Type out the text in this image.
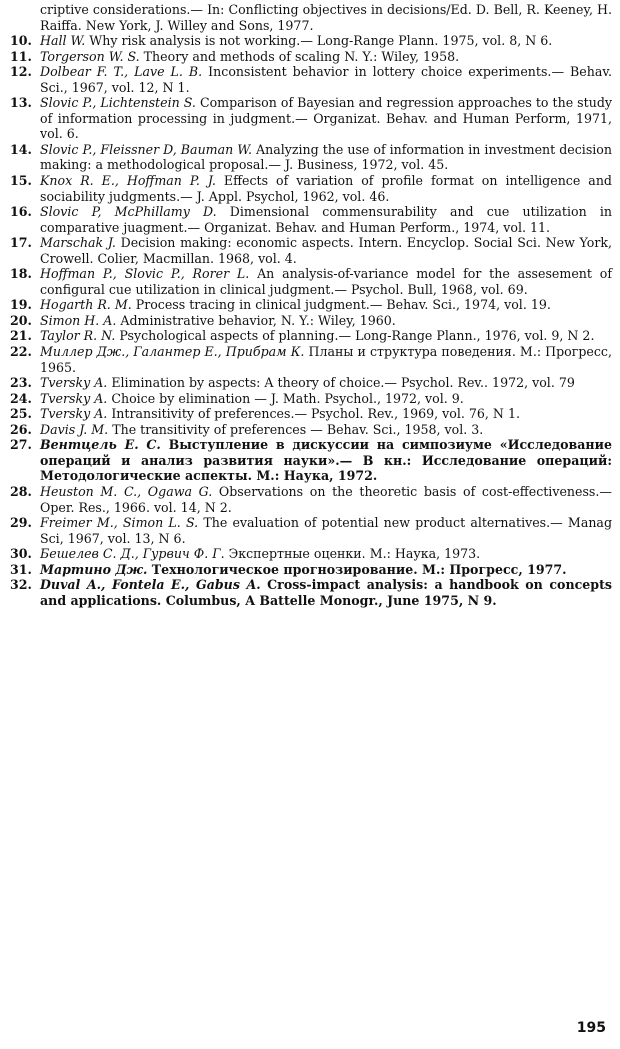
criptive considerations.— In: Conflicting objectives in decisions/Ed. D. Bell, R. Keeney, H. Raiffa. New York, J. Willey and Sons, 1977.
10. Hall W. Why risk analysis is not working.— Long-Range Plann. 1975, vol. 8, N 6.
11. Torgerson W. S. Theory and methods of scaling N. Y.: Wiley, 1958.
12. Dolbear F. T., Lave L. B. Inconsistent behavior in lottery choice experiments.— Behav. Sci., 1967, vol. 12, N 1.
13. Slovic P., Lichtenstein S. Comparison of Bayesian and regression approaches to the study of information processing in judgment.— Organizat. Behav. and Human Perform, 1971, vol. 6.
14. Slovic P., Fleissner D, Bauman W. Analyzing the use of information in investment decision making: a methodological proposal.— J. Business, 1972, vol. 45.
15. Knox R. E., Hoffman P. J. Effects of variation of profile format on intelligence and sociability judgments.— J. Appl. Psychol, 1962, vol. 46.
16. Slovic P, McPhillamy D. Dimensional commensurability and cue utilization in comparative juagment.— Organizat. Behav. and Human Perform., 1974, vol. 11.
17. Marschak J. Decision making: economic aspects. Intern. Encyclop. Social Sci. New York, Crowell. Colier, Macmillan. 1968, vol. 4.
18. Hoffman P., Slovic P., Rorer L. An analysis-of-variance model for the assesement of configural cue utilization in clinical judgment.— Psychol. Bull, 1968, vol. 69.
19. Hogarth R. M. Process tracing in clinical judgment.— Behav. Sci., 1974, vol. 19.
20. Simon H. A. Administrative behavior, N. Y.: Wiley, 1960.
21. Taylor R. N. Psychological aspects of planning.— Long-Range Plann., 1976, vol. 9, N 2.
22. Миллер Дж., Галантер Е., Прибрам К. Планы и структура поведения. М.: Прогресс, 1965.
23. Tversky A. Elimination by aspects: A theory of choice.— Psychol. Rev.. 1972, vol. 79
24. Tversky A. Choice by elimination — J. Math. Psychol., 1972, vol. 9.
25. Tversky A. Intransitivity of preferences.— Psychol. Rev., 1969, vol. 76, N 1.
26. Davis J. M. The transitivity of preferences — Behav. Sci., 1958, vol. 3.
27. Вентцель Е. С. Выступление в дискуссии на симпозиуме «Исследование операций и анализ развития науки».— В кн.: Исследование операций: Методологические аспекты. М.: Наука, 1972.
28. Heuston M. C., Ogawa G. Observations on the theoretic basis of cost-effectiveness.— Oper. Res., 1966. vol. 14, N 2.
29. Freimer M., Simon L. S. The evaluation of potential new product alternatives.— Manag Sci, 1967, vol. 13, N 6.
30. Бешелев С. Д., Гурвич Ф. Г. Экспертные оценки. М.: Наука, 1973.
31. Мартино Дж. Технологическое прогнозирование. М.: Прогресс, 1977.
32. Duval A., Fontela E., Gabus A. Cross-impact analysis: a handbook on concepts and applications. Columbus, A Battelle Monogr., June 1975, N 9.
195
